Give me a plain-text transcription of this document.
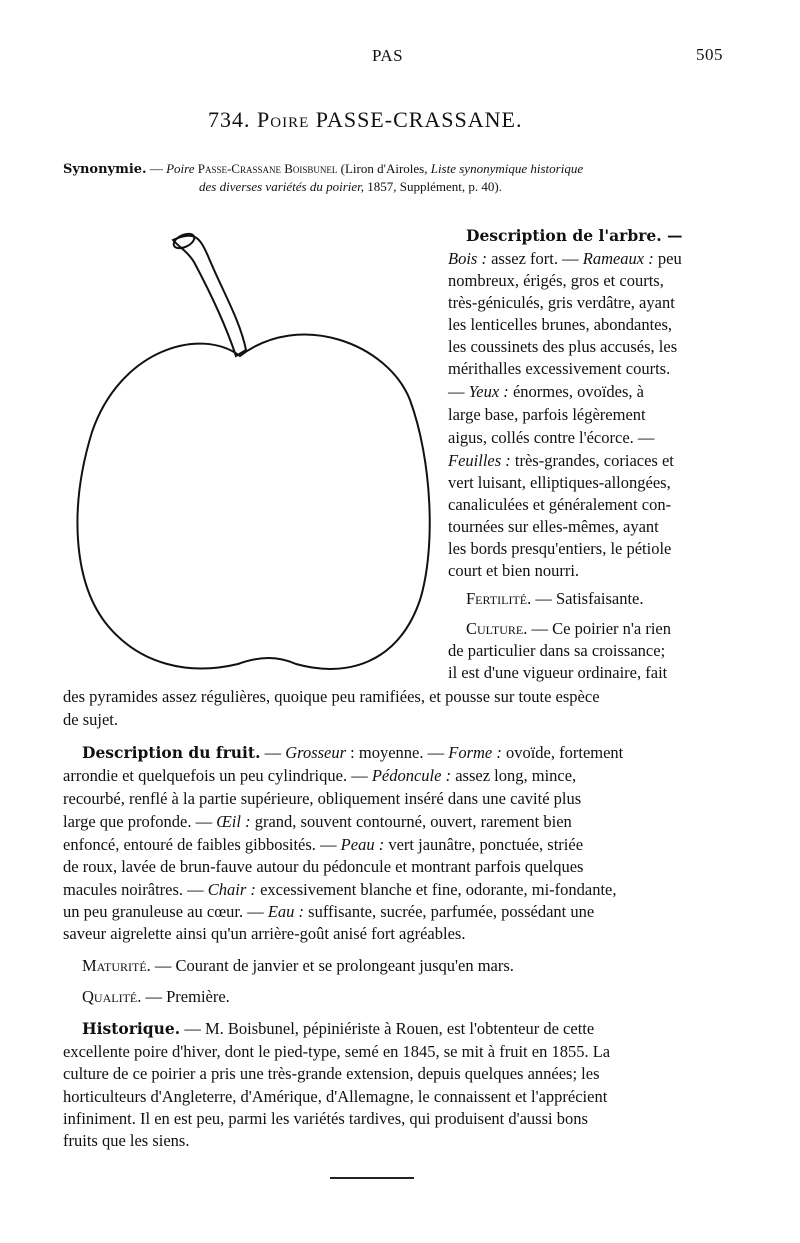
PAS	505
734. Poire PASSE-CRASSANE.
Synonymie. — Poire Passe-Crassane Boisbunel (Liron d'Airoles, Liste synonymique historique
des diverses variétés du poirier, 1857, Supplément, p. 40).
Description de l'arbre. —
Bois : assez fort. — Rameaux : peu
nombreux, érigés, gros et courts,
très-géniculés, gris verdâtre, ayant
les lenticelles brunes, abondantes,
les coussinets des plus accusés, les
mérithalles excessivement courts.
— Yeux : énormes, ovoïdes, à
large base, parfois légèrement
aigus, collés contre l'écorce. —
Feuilles : très-grandes, coriaces et
vert luisant, elliptiques-allongées,
canaliculées et généralement con-
tournées sur elles-mêmes, ayant
les bords presqu'entiers, le pétiole
court et bien nourri.
Fertilité. — Satisfaisante.
Culture. — Ce poirier n'a rien
de particulier dans sa croissance;
il est d'une vigueur ordinaire, fait
des pyramides assez régulières, quoique peu ramifiées, et pousse sur toute espèce
de sujet.
Description du fruit. — Grosseur : moyenne. — Forme : ovoïde, fortement
arrondie et quelquefois un peu cylindrique. — Pédoncule : assez long, mince,
recourbé, renflé à la partie supérieure, obliquement inséré dans une cavité plus
large que profonde. — Œil : grand, souvent contourné, ouvert, rarement bien
enfoncé, entouré de faibles gibbosités. — Peau : vert jaunâtre, ponctuée, striée
de roux, lavée de brun-fauve autour du pédoncule et montrant parfois quelques
macules noirâtres. — Chair : excessivement blanche et fine, odorante, mi-fondante,
un peu granuleuse au cœur. — Eau : suffisante, sucrée, parfumée, possédant une
saveur aigrelette ainsi qu'un arrière-goût anisé fort agréables.
Maturité. — Courant de janvier et se prolongeant jusqu'en mars.
Qualité. — Première.
Historique. — M. Boisbunel, pépiniériste à Rouen, est l'obtenteur de cette
excellente poire d'hiver, dont le pied-type, semé en 1845, se mit à fruit en 1855. La
culture de ce poirier a pris une très-grande extension, depuis quelques années; les
horticulteurs d'Angleterre, d'Amérique, d'Allemagne, le connaissent et l'apprécient
infiniment. Il en est peu, parmi les variétés tardives, qui produisent d'aussi bons
fruits que les siens.
